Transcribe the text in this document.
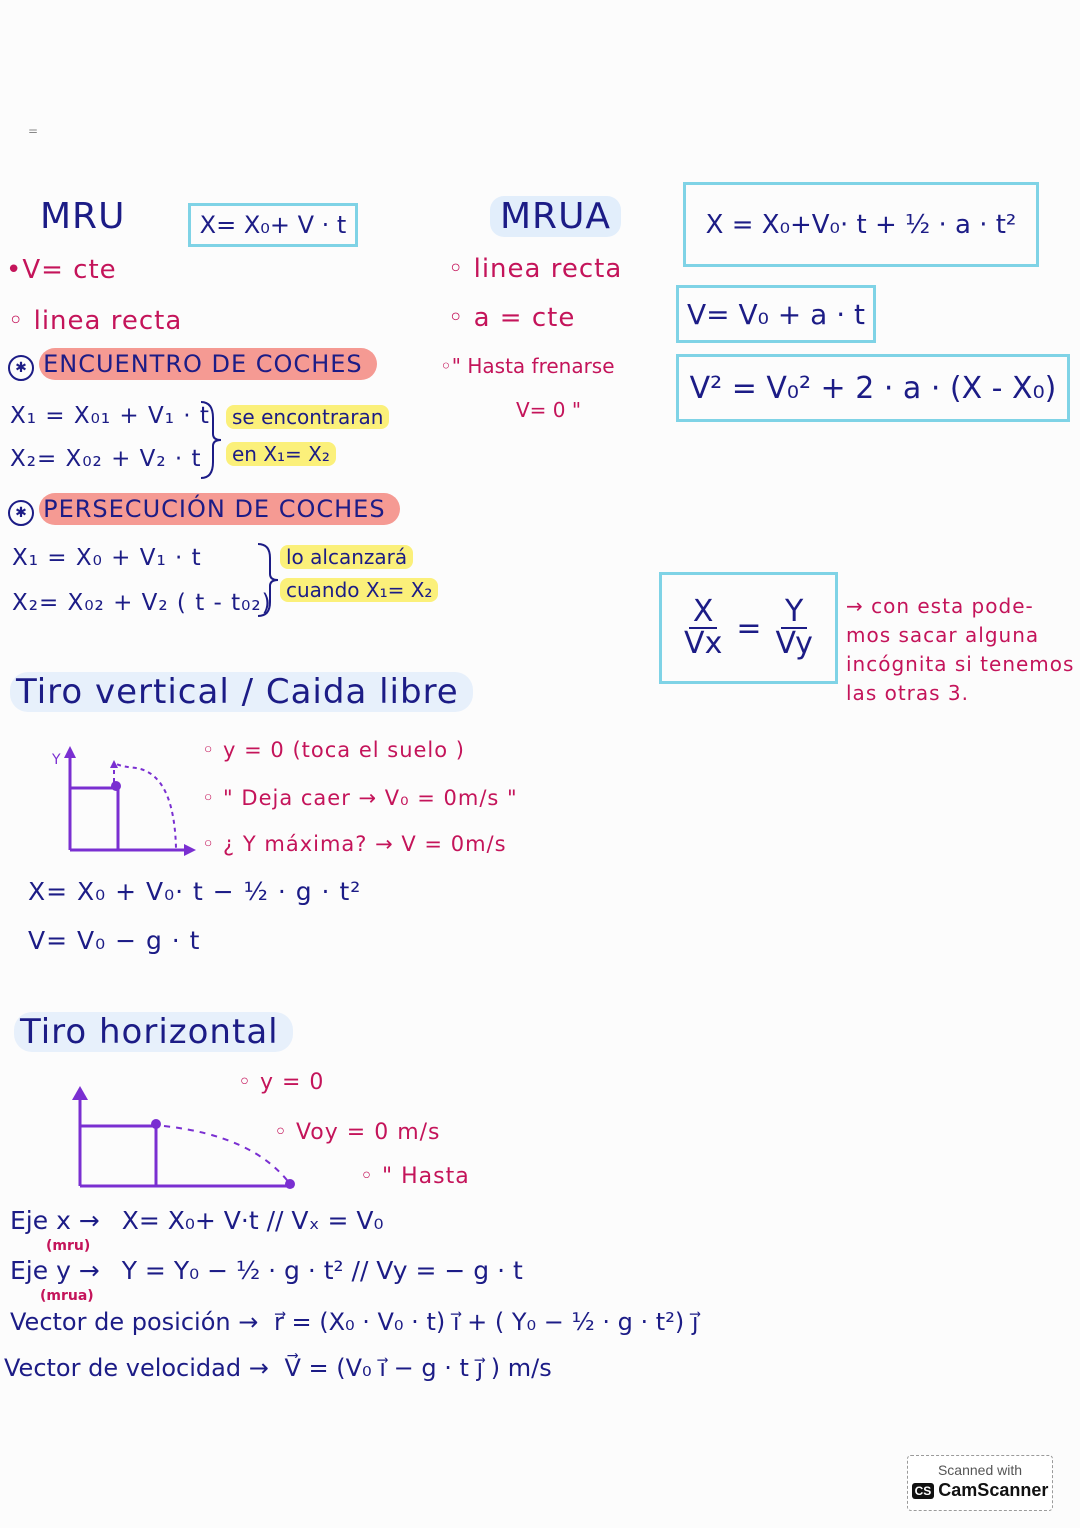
=
MRU	X= X₀+ V · t
•V= cte
◦ linea recta
✱ ENCUENTRO DE COCHES
X₁ = X₀₁ + V₁ · t
X₂= X₀₂ + V₂ · t
se encontraran
en X₁= X₂
✱ PERSECUCIÓN DE COCHES
X₁ = X₀ + V₁ · t
X₂= X₀₂ + V₂ ( t - t₀₂)
lo alcanzará
cuando X₁= X₂
MRUA
◦ linea recta
◦ a = cte
◦" Hasta frenarse
V= 0 "
X = X₀+V₀· t + ½ · a · t²
V= V₀ + a · t
V² = V₀² + 2 · a · (X - X₀)
$\frac{X}{Vx} = \frac{Y}{Vy}$ → con esta pode-
mos sacar alguna
incógnita si tenemos
las otras 3.
Tiro vertical / Caida libre
Y	◦ y = 0 (toca el suelo )
◦ " Deja caer → V₀ = 0m/s "
◦ ¿ Y máxima? → V = 0m/s
X= X₀ + V₀· t − ½ · g · t²
V= V₀ − g · t
Tiro horizontal
◦ y = 0
◦ Voy = 0 m/s
◦ " Hasta
Eje x → X= X₀+ V·t // Vₓ = V₀
(mru)
Eje y → Y = Y₀ − ½ · g · t² // Vy = − g · t
(mrua)
Vector de posición → r⃗ = (X₀ · V₀ · t) i⃗ + ( Y₀ − ½ · g · t²) j⃗
Vector de velocidad → V⃗ = (V₀ i⃗ − g · t j⃗ ) m/s
Scanned with
CS CamScanner
